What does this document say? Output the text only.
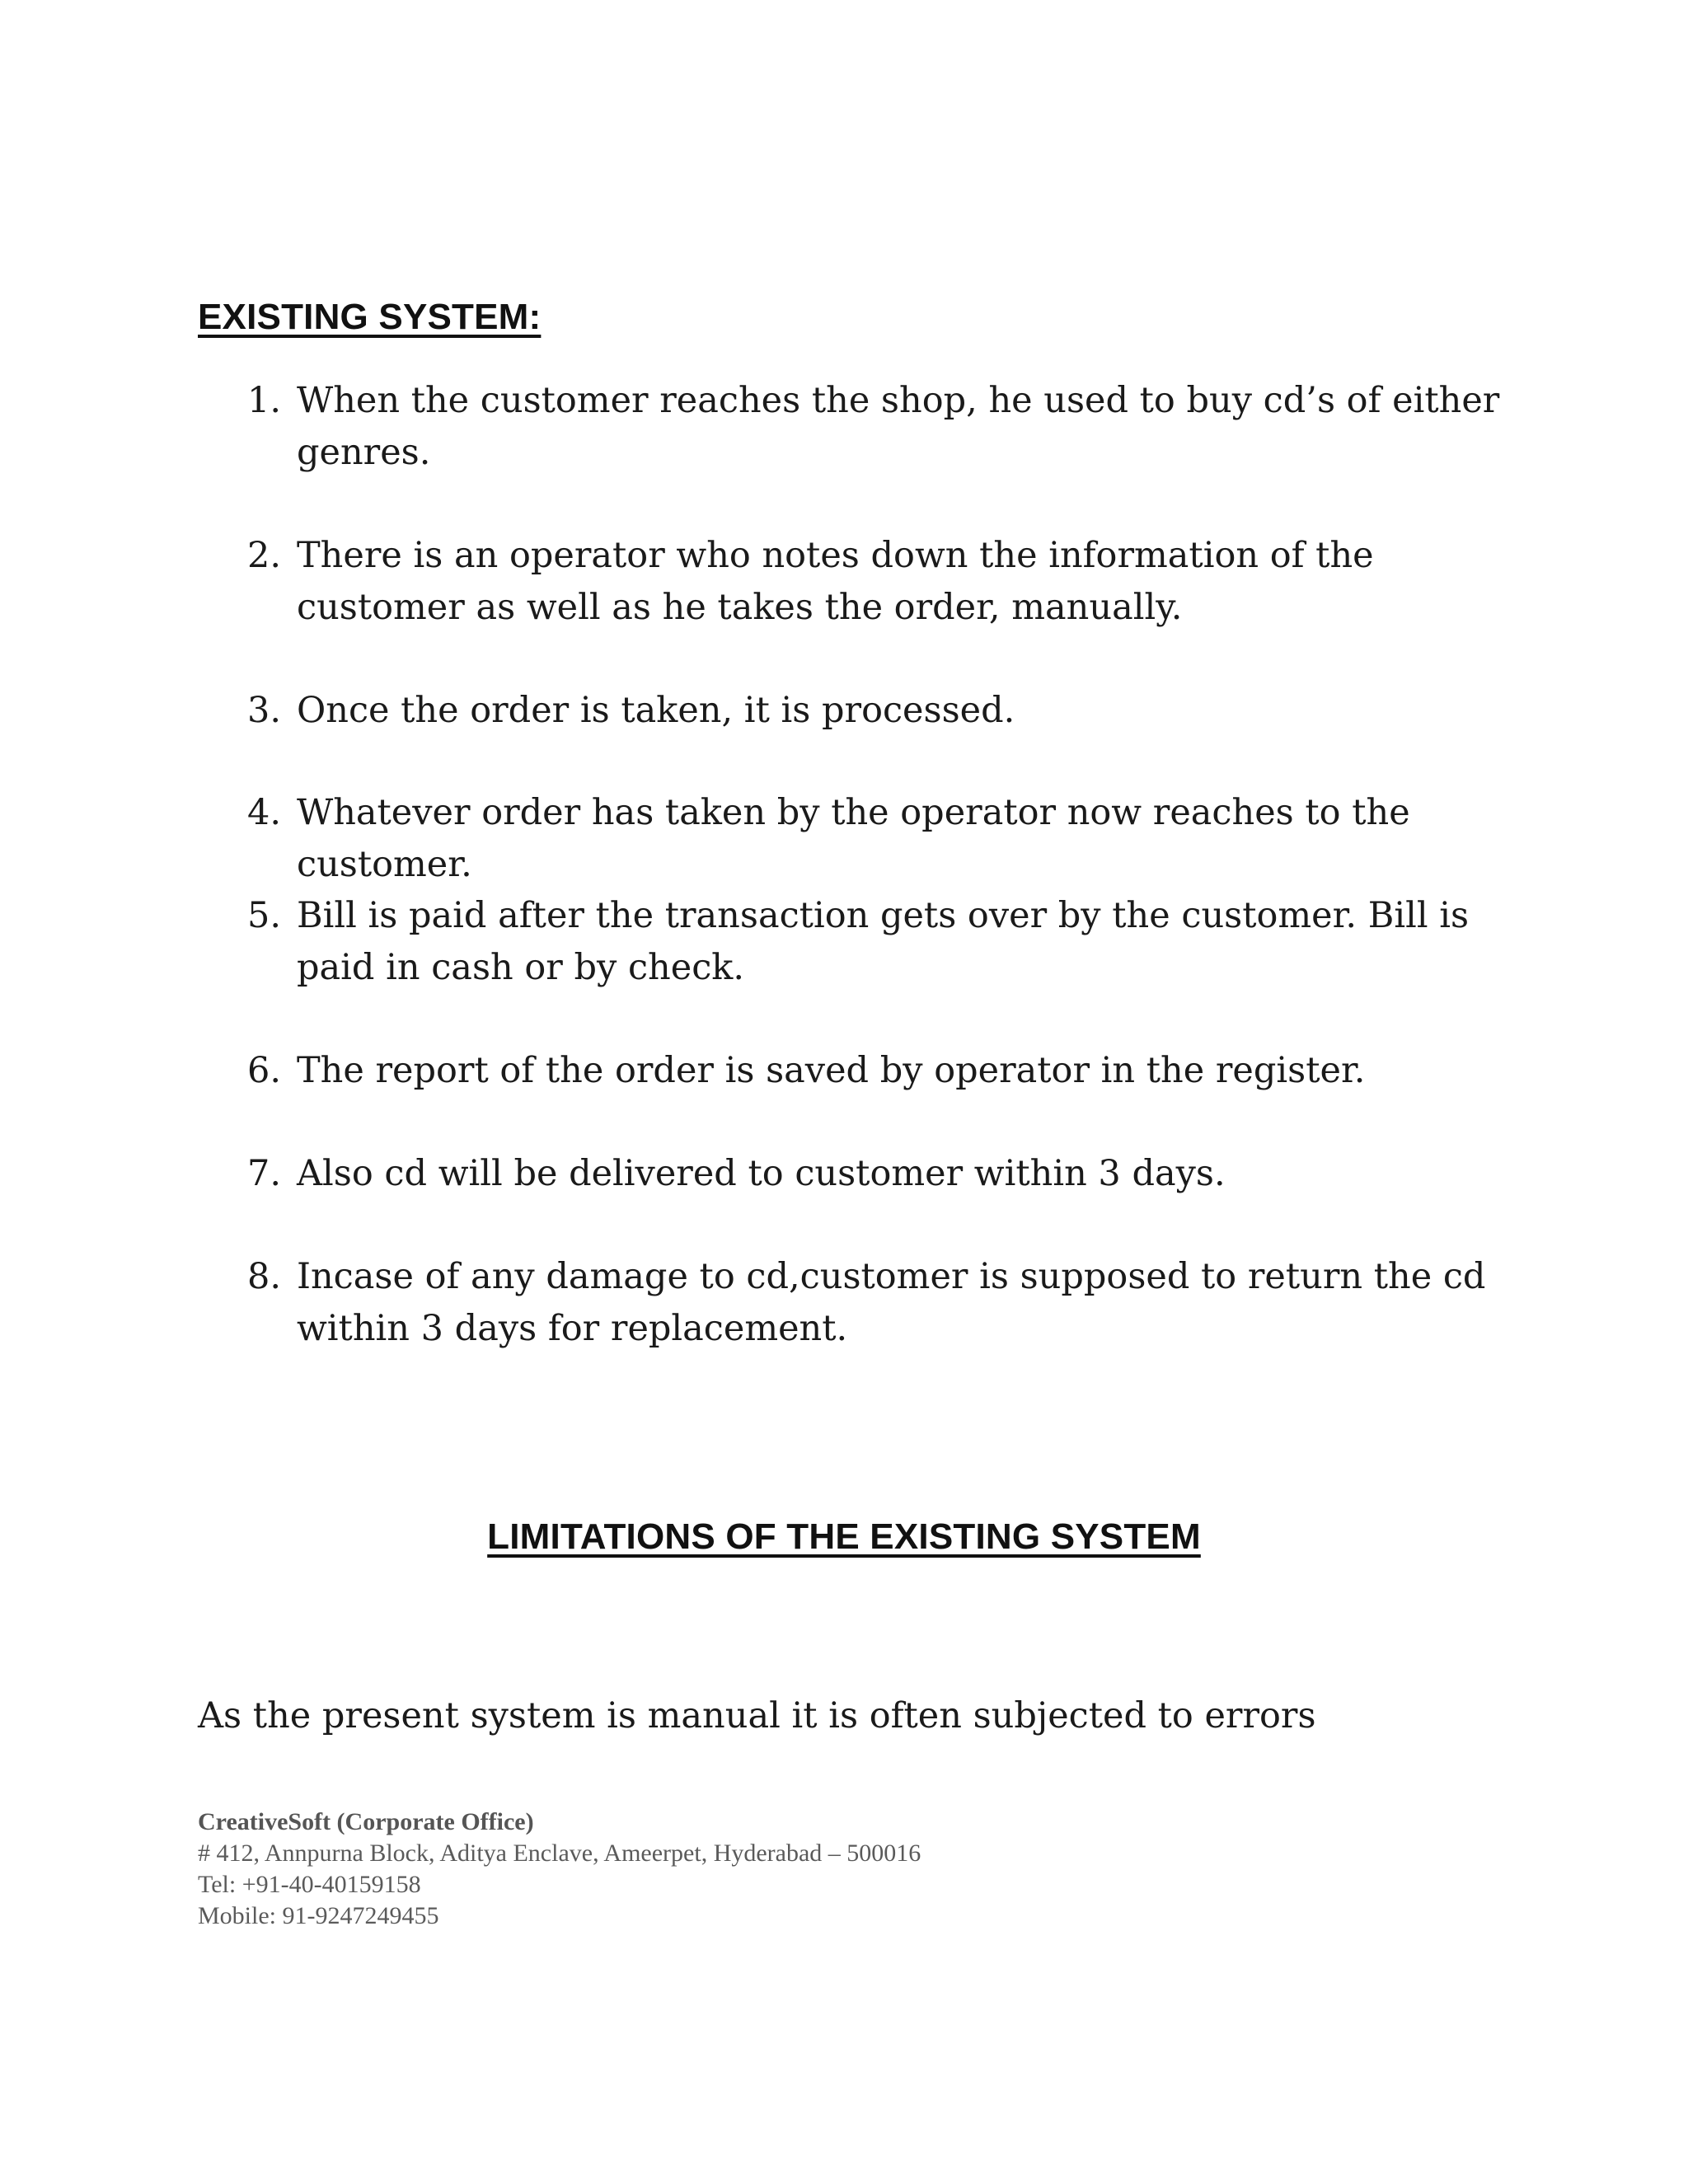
EXISTING SYSTEM:
1. When the customer reaches the shop, he used to buy cd’s of either genres.
2. There is an operator who notes down the information of the customer as well as he takes the order, manually.
3. Once the order is taken, it is processed.
4. Whatever order has taken by the operator now reaches to the customer.
5. Bill is paid after the transaction gets over by the customer. Bill is paid in cash or by check.
6. The report of the order is saved by operator in the register.
7. Also cd will be delivered to customer within 3 days.
8. Incase of any damage to cd,customer is supposed to return the cd within 3 days for replacement.
LIMITATIONS OF THE EXISTING SYSTEM

As the present system is manual it is often subjected to errors

CreativeSoft (Corporate Office)
# 412, Annpurna Block, Aditya Enclave, Ameerpet, Hyderabad – 500016
Tel: +91-40-40159158
Mobile: 91-9247249455
